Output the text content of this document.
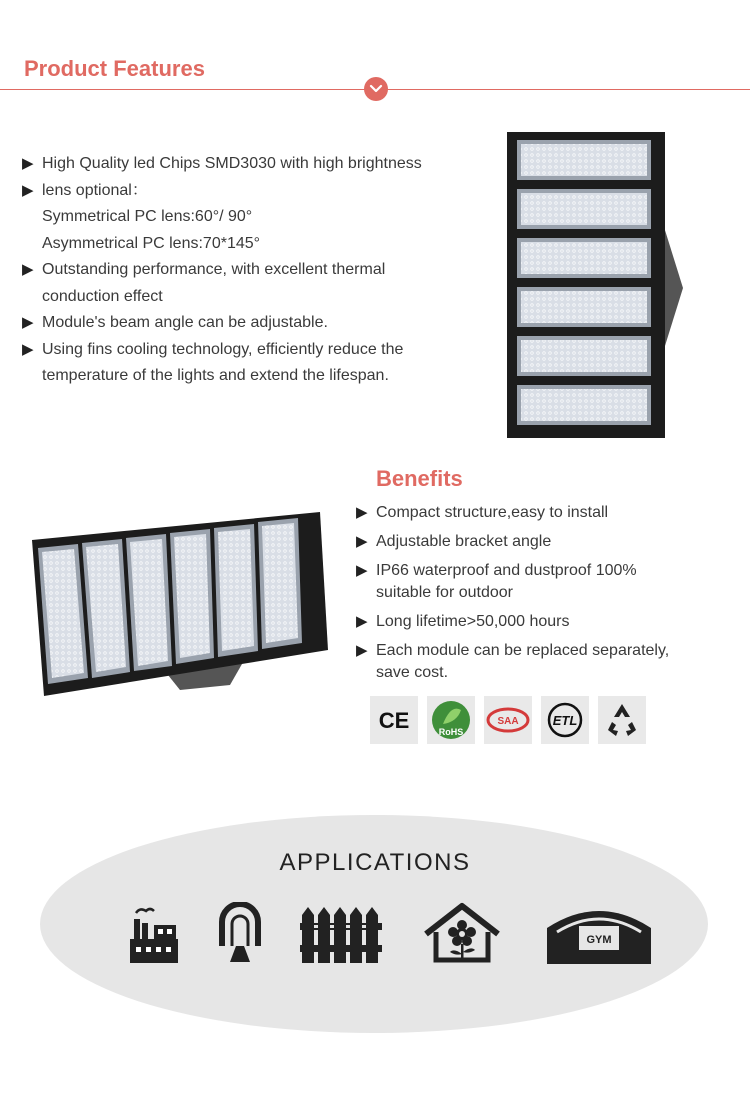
Product Features
▶ High Quality led Chips SMD3030 with high brightness
▶ lens optional：
Symmetrical PC lens:60°/ 90°
Asymmetrical PC lens:70*145°
▶ Outstanding performance, with excellent thermal
conduction effect
▶ Module's beam angle can be adjustable.
▶ Using fins cooling technology, efficiently reduce the
temperature of the lights and extend the lifespan.
Benefits
▶ Compact structure,easy to install
▶ Adjustable bracket angle
▶ IP66 waterproof and dustproof 100%
suitable for outdoor
▶ Long lifetime>50,000 hours
▶ Each module can be replaced separately,
save cost.
CE	RoHS
SAA	ETL
APPLICATIONS
GYM
